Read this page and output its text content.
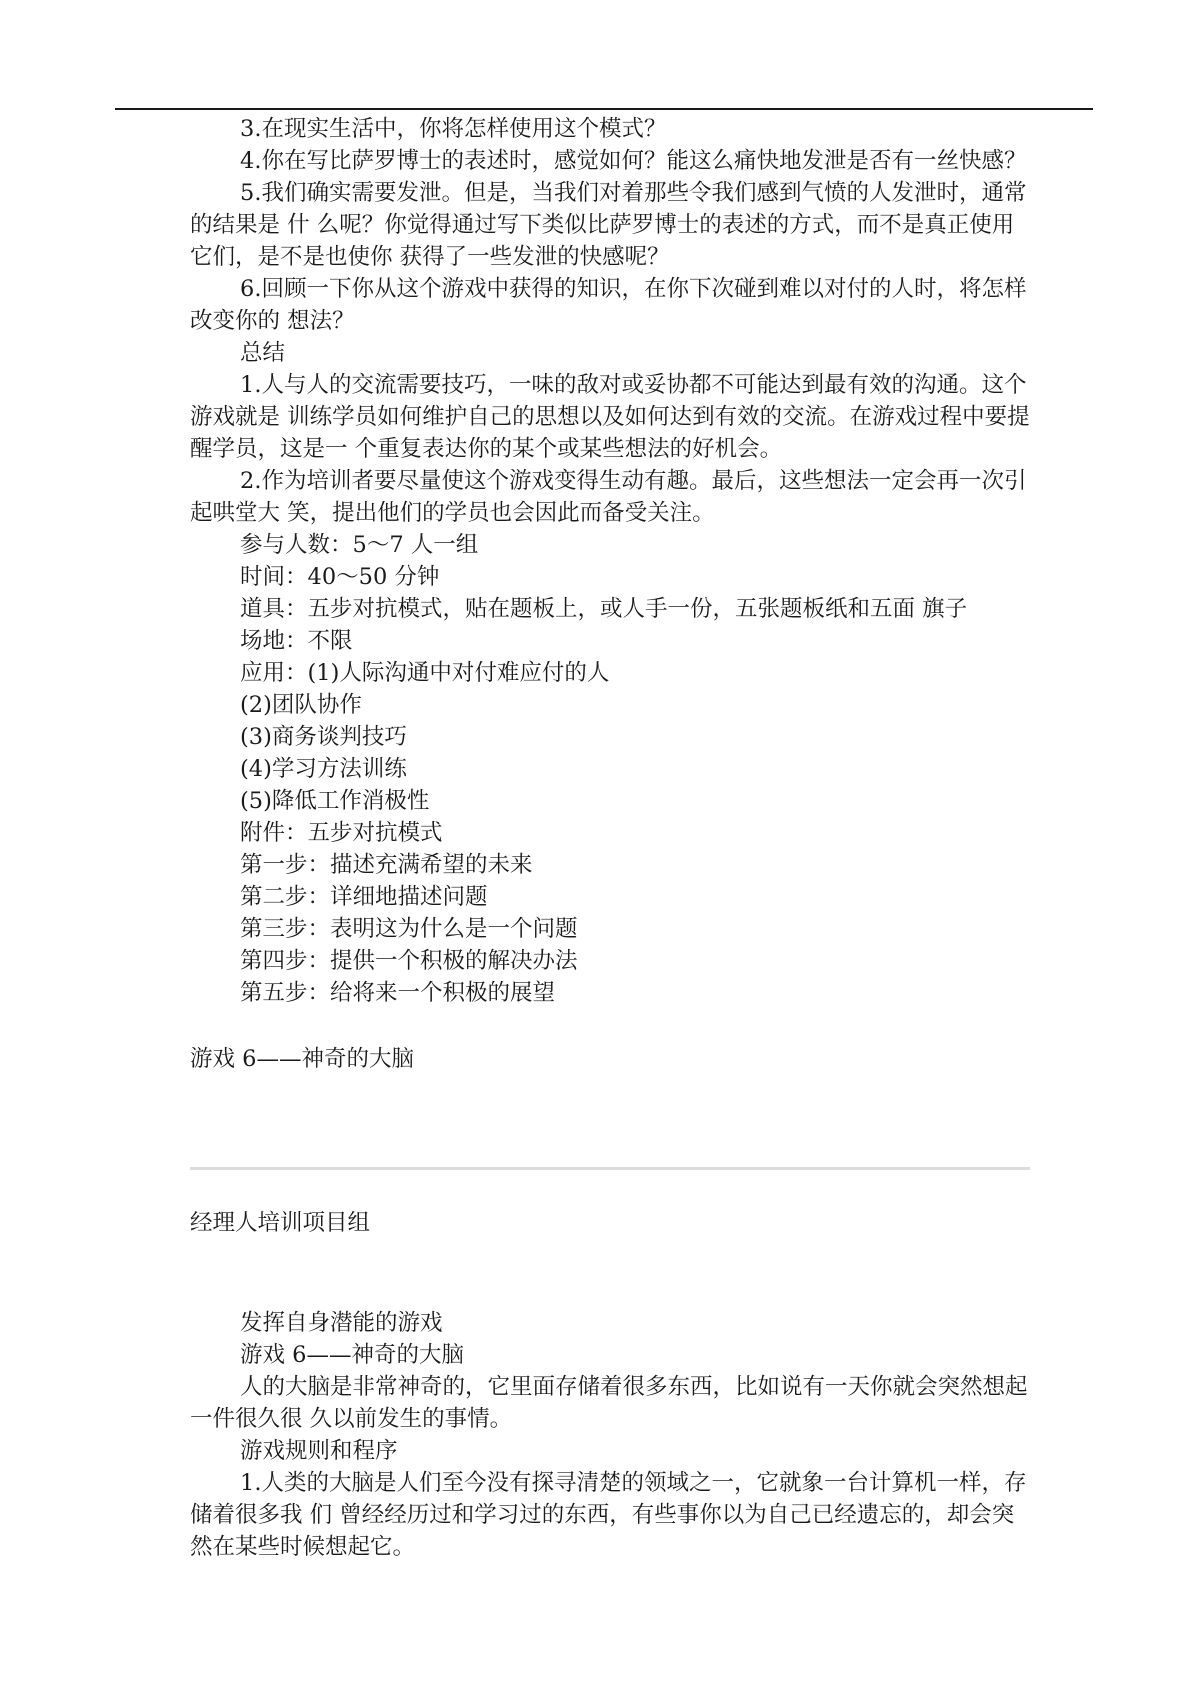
3.在现实生活中，你将怎样使用这个模式？

4.你在写比萨罗博士的表述时，感觉如何？能这么痛快地发泄是否有一丝快感？

5.我们确实需要发泄。但是，当我们对着那些令我们感到气愤的人发泄时，通常的结果是 什 么呢？你觉得通过写下类似比萨罗博士的表述的方式，而不是真正使用它们，是不是也使你 获得了一些发泄的快感呢？

6.回顾一下你从这个游戏中获得的知识，在你下次碰到难以对付的人时，将怎样改变你的 想法？

总结

1.人与人的交流需要技巧，一味的敌对或妥协都不可能达到最有效的沟通。这个游戏就是 训练学员如何维护自己的思想以及如何达到有效的交流。在游戏过程中要提醒学员，这是一 个重复表达你的某个或某些想法的好机会。

2.作为培训者要尽量使这个游戏变得生动有趣。最后，这些想法一定会再一次引起哄堂大 笑，提出他们的学员也会因此而备受关注。

参与人数：5～7 人一组

时间：40～50 分钟

道具：五步对抗模式，贴在题板上，或人手一份，五张题板纸和五面 旗子

场地：不限

应用：(1)人际沟通中对付难应付的人

(2)团队协作

(3)商务谈判技巧

(4)学习方法训练

(5)降低工作消极性

附件：五步对抗模式

第一步：描述充满希望的未来

第二步：详细地描述问题

第三步：表明这为什么是一个问题

第四步：提供一个积极的解决办法

第五步：给将来一个积极的展望

游戏 6——神奇的大脑

经理人培训项目组

发挥自身潜能的游戏

游戏 6——神奇的大脑

人的大脑是非常神奇的，它里面存储着很多东西，比如说有一天你就会突然想起一件很久很 久以前发生的事情。

游戏规则和程序

1.人类的大脑是人们至今没有探寻清楚的领域之一，它就象一台计算机一样，存储着很多我 们 曾经经历过和学习过的东西，有些事你以为自己已经遗忘的，却会突然在某些时候想起它。
